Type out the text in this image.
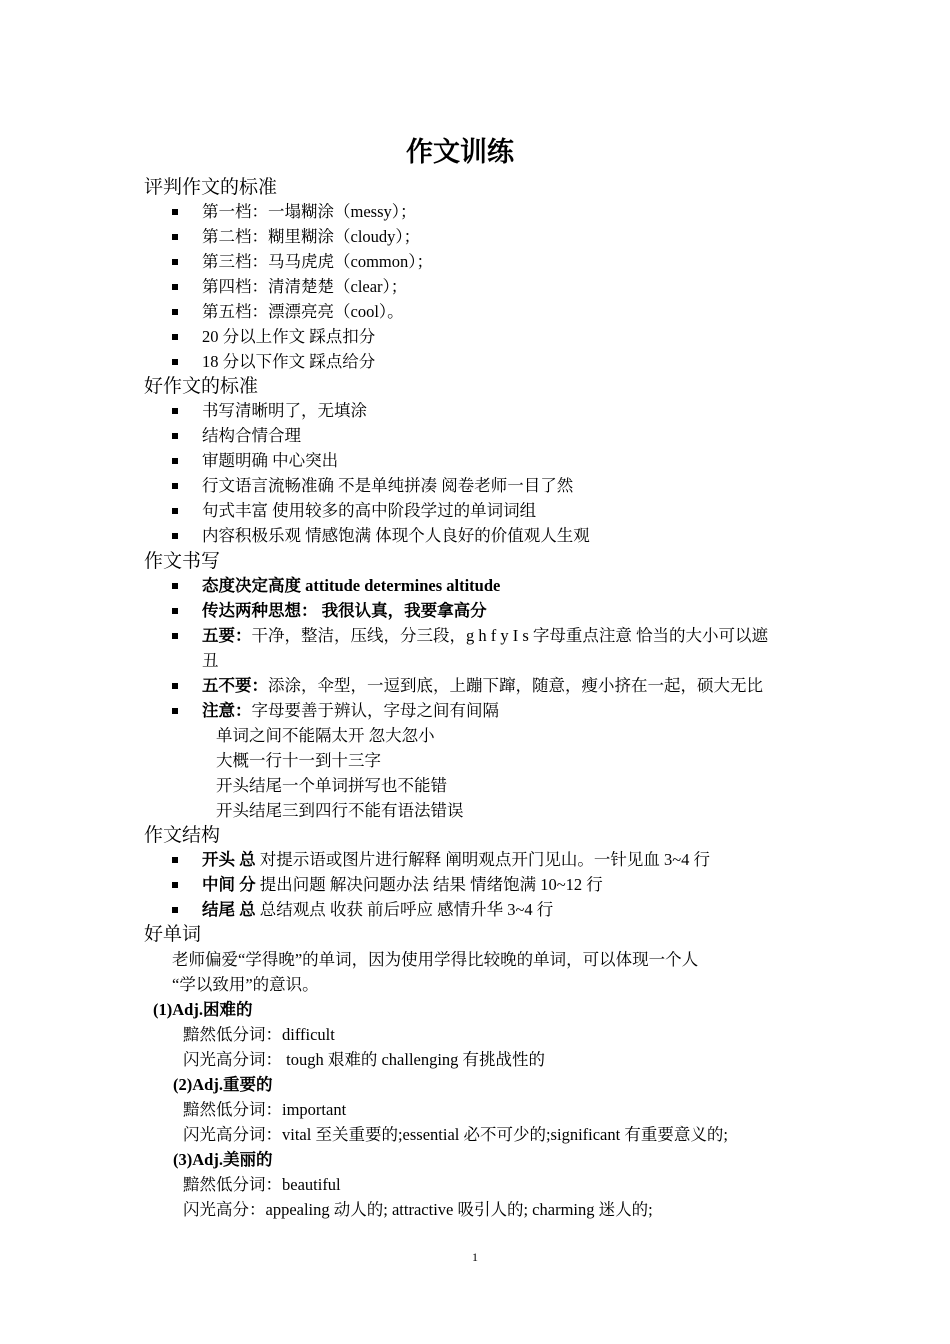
作文训练
评判作文的标准
第一档：一塌糊涂（messy）；
第二档：糊里糊涂（cloudy）；
第三档：马马虎虎（common）；
第四档：清清楚楚（clear）；
第五档：漂漂亮亮（cool）。
20 分以上作文 踩点扣分
18 分以下作文 踩点给分
好作文的标准
书写清晰明了，无填涂
结构合情合理
审题明确 中心突出
行文语言流畅准确 不是单纯拼凑 阅卷老师一目了然
句式丰富 使用较多的高中阶段学过的单词词组
内容积极乐观 情感饱满 体现个人良好的价值观人生观
作文书写
态度决定高度 attitude determines altitude
传达两种思想： 我很认真，我要拿高分
五要：干净，整洁，压线，分三段，g h f y I s 字母重点注意 恰当的大小可以遮
丑
五不要：添涂，伞型，一逗到底，上蹦下蹿，随意，瘦小挤在一起，硕大无比
注意：字母要善于辨认，字母之间有间隔
单词之间不能隔太开 忽大忽小
大概一行十一到十三字
开头结尾一个单词拼写也不能错
开头结尾三到四行不能有语法错误
作文结构
开头 总 对提示语或图片进行解释 阐明观点开门见山。一针见血 3~4 行
中间 分 提出问题 解决问题办法 结果 情绪饱满 10~12 行
结尾 总 总结观点 收获 前后呼应 感情升华 3~4 行
好单词
老师偏爱“学得晚”的单词，因为使用学得比较晚的单词，可以体现一个人
“学以致用”的意识。
(1)Adj.困难的
黯然低分词：difficult
闪光高分词： tough 艰难的 challenging 有挑战性的
(2)Adj.重要的
黯然低分词：important
闪光高分词：vital 至关重要的;essential 必不可少的;significant 有重要意义的;
(3)Adj.美丽的
黯然低分词：beautiful
闪光高分：appealing 动人的; attractive 吸引人的; charming 迷人的;
1
